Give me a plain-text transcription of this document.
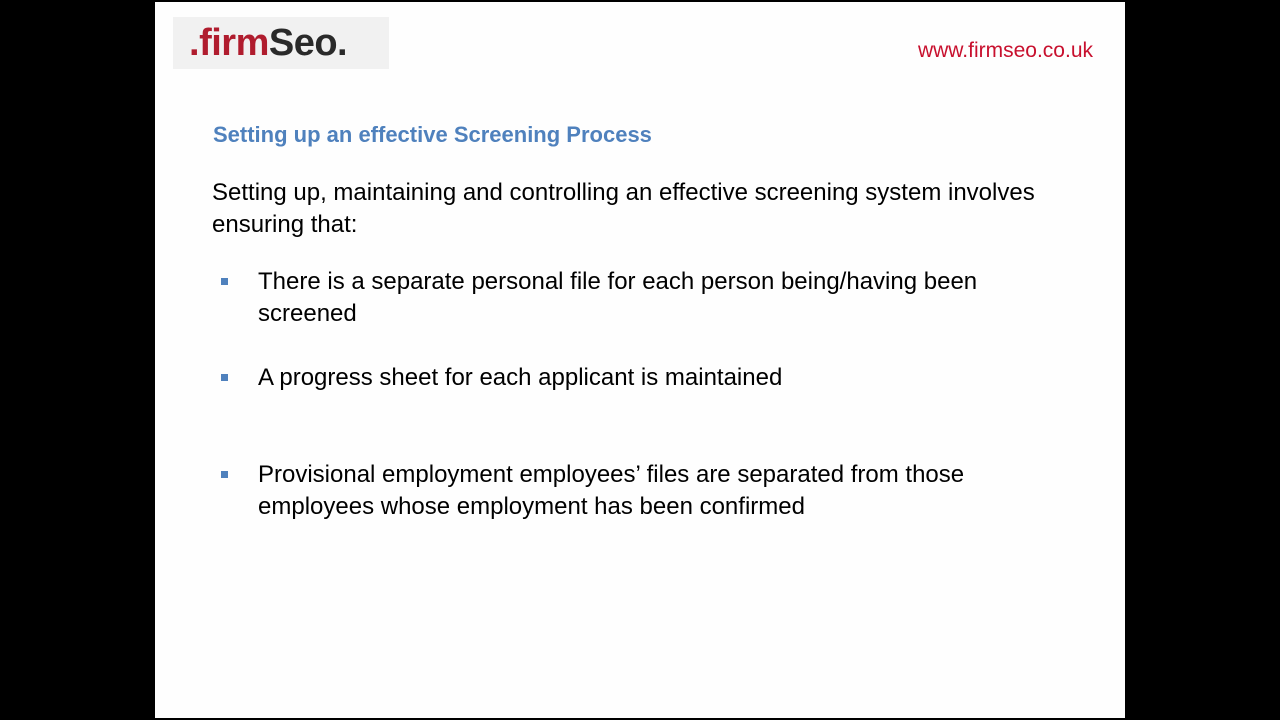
.firmSeo.	www.firmseo.co.uk
Setting up an effective Screening Process
Setting up, maintaining and controlling an effective screening system involves ensuring that:
There is a separate personal file for each person being/having been screened
A progress sheet for each applicant is maintained
Provisional employment employees’ files are separated from those employees whose employment has been confirmed
